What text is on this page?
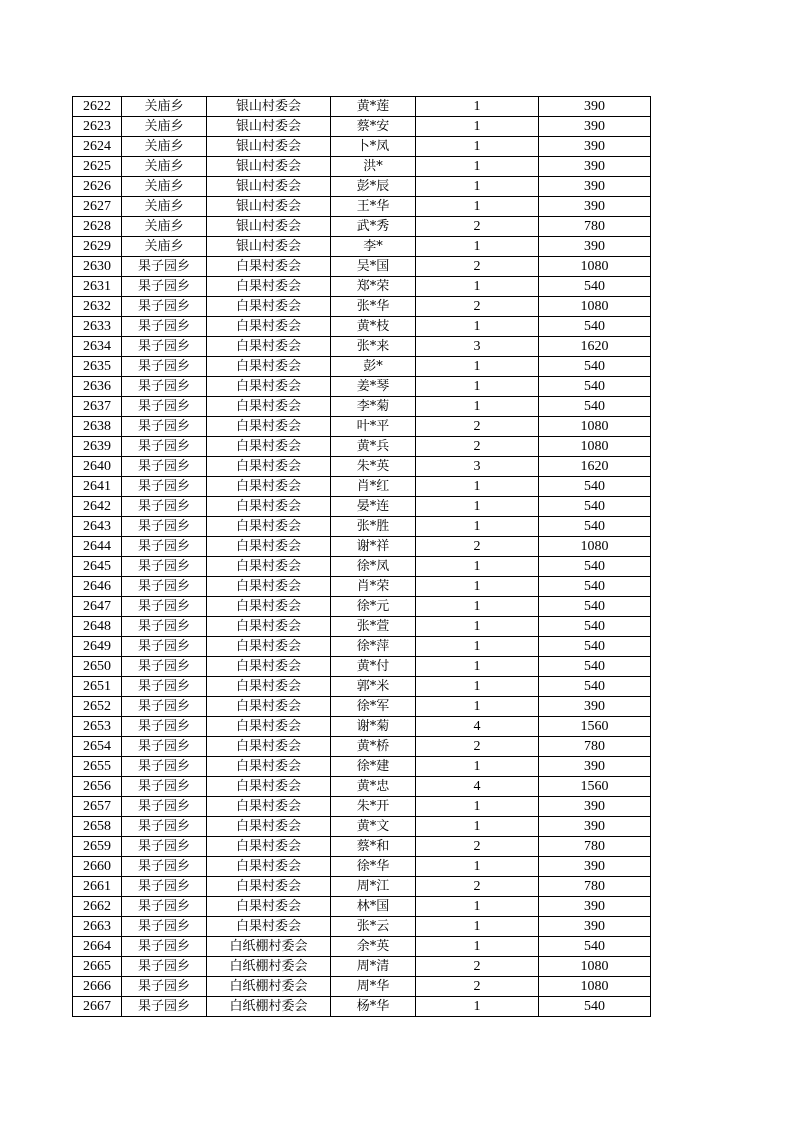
2622	关庙乡	银山村委会	黄*莲	1	390
2623	关庙乡	银山村委会	蔡*安	1	390
2624	关庙乡	银山村委会	卜*凤	1	390
2625	关庙乡	银山村委会	洪*	1	390
2626	关庙乡	银山村委会	彭*辰	1	390
2627	关庙乡	银山村委会	王*华	1	390
2628	关庙乡	银山村委会	武*秀	2	780
2629	关庙乡	银山村委会	李*	1	390
2630	果子园乡	白果村委会	吴*国	2	1080
2631	果子园乡	白果村委会	郑*荣	1	540
2632	果子园乡	白果村委会	张*华	2	1080
2633	果子园乡	白果村委会	黄*枝	1	540
2634	果子园乡	白果村委会	张*来	3	1620
2635	果子园乡	白果村委会	彭*	1	540
2636	果子园乡	白果村委会	姜*琴	1	540
2637	果子园乡	白果村委会	李*菊	1	540
2638	果子园乡	白果村委会	叶*平	2	1080
2639	果子园乡	白果村委会	黄*兵	2	1080
2640	果子园乡	白果村委会	朱*英	3	1620
2641	果子园乡	白果村委会	肖*红	1	540
2642	果子园乡	白果村委会	晏*连	1	540
2643	果子园乡	白果村委会	张*胜	1	540
2644	果子园乡	白果村委会	谢*祥	2	1080
2645	果子园乡	白果村委会	徐*凤	1	540
2646	果子园乡	白果村委会	肖*荣	1	540
2647	果子园乡	白果村委会	徐*元	1	540
2648	果子园乡	白果村委会	张*萱	1	540
2649	果子园乡	白果村委会	徐*萍	1	540
2650	果子园乡	白果村委会	黄*付	1	540
2651	果子园乡	白果村委会	郭*米	1	540
2652	果子园乡	白果村委会	徐*军	1	390
2653	果子园乡	白果村委会	谢*菊	4	1560
2654	果子园乡	白果村委会	黄*桥	2	780
2655	果子园乡	白果村委会	徐*建	1	390
2656	果子园乡	白果村委会	黄*忠	4	1560
2657	果子园乡	白果村委会	朱*开	1	390
2658	果子园乡	白果村委会	黄*文	1	390
2659	果子园乡	白果村委会	蔡*和	2	780
2660	果子园乡	白果村委会	徐*华	1	390
2661	果子园乡	白果村委会	周*江	2	780
2662	果子园乡	白果村委会	林*国	1	390
2663	果子园乡	白果村委会	张*云	1	390
2664	果子园乡	白纸棚村委会	余*英	1	540
2665	果子园乡	白纸棚村委会	周*清	2	1080
2666	果子园乡	白纸棚村委会	周*华	2	1080
2667	果子园乡	白纸棚村委会	杨*华	1	540
